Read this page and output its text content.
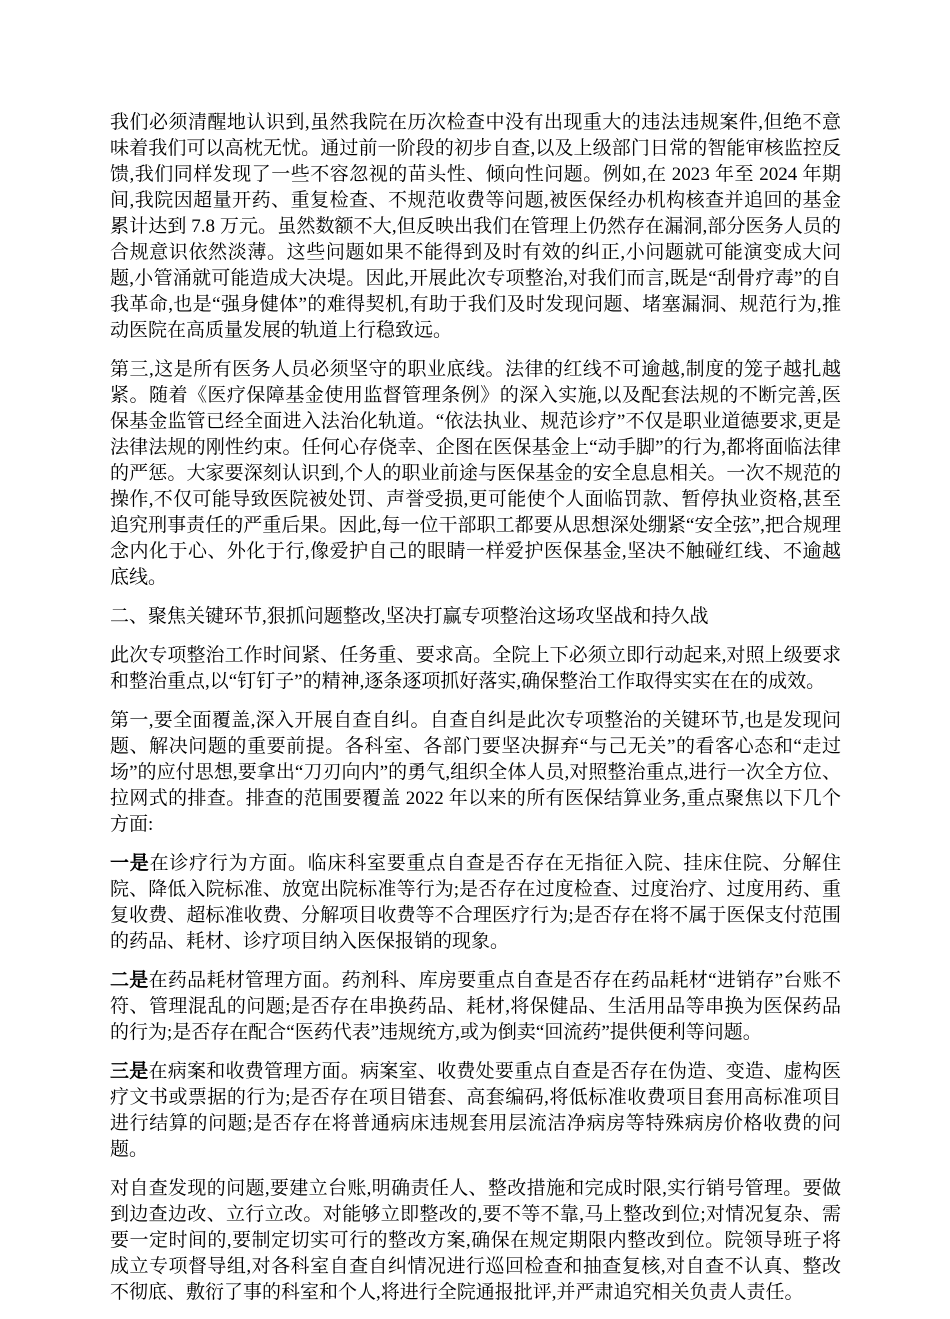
我们必须清醒地认识到,虽然我院在历次检查中没有出现重大的违法违规案件,但绝不意味着我们可以高枕无忧。通过前一阶段的初步自查,以及上级部门日常的智能审核监控反馈,我们同样发现了一些不容忽视的苗头性、倾向性问题。例如,在 2023 年至 2024 年期间,我院因超量开药、重复检查、不规范收费等问题,被医保经办机构核查并追回的基金累计达到 7.8 万元。虽然数额不大,但反映出我们在管理上仍然存在漏洞,部分医务人员的合规意识依然淡薄。这些问题如果不能得到及时有效的纠正,小问题就可能演变成大问题,小管涌就可能造成大决堤。因此,开展此次专项整治,对我们而言,既是“刮骨疗毒”的自我革命,也是“强身健体”的难得契机,有助于我们及时发现问题、堵塞漏洞、规范行为,推动医院在高质量发展的轨道上行稳致远。

第三,这是所有医务人员必须坚守的职业底线。法律的红线不可逾越,制度的笼子越扎越紧。随着《医疗保障基金使用监督管理条例》的深入实施,以及配套法规的不断完善,医保基金监管已经全面进入法治化轨道。“依法执业、规范诊疗”不仅是职业道德要求,更是法律法规的刚性约束。任何心存侥幸、企图在医保基金上“动手脚”的行为,都将面临法律的严惩。大家要深刻认识到,个人的职业前途与医保基金的安全息息相关。一次不规范的操作,不仅可能导致医院被处罚、声誉受损,更可能使个人面临罚款、暂停执业资格,甚至追究刑事责任的严重后果。因此,每一位干部职工都要从思想深处绷紧“安全弦”,把合规理念内化于心、外化于行,像爱护自己的眼睛一样爱护医保基金,坚决不触碰红线、不逾越底线。

二、聚焦关键环节,狠抓问题整改,坚决打赢专项整治这场攻坚战和持久战

此次专项整治工作时间紧、任务重、要求高。全院上下必须立即行动起来,对照上级要求和整治重点,以“钉钉子”的精神,逐条逐项抓好落实,确保整治工作取得实实在在的成效。

第一,要全面覆盖,深入开展自查自纠。自查自纠是此次专项整治的关键环节,也是发现问题、解决问题的重要前提。各科室、各部门要坚决摒弃“与己无关”的看客心态和“走过场”的应付思想,要拿出“刀刃向内”的勇气,组织全体人员,对照整治重点,进行一次全方位、拉网式的排查。排查的范围要覆盖 2022 年以来的所有医保结算业务,重点聚焦以下几个方面:

一是在诊疗行为方面。临床科室要重点自查是否存在无指征入院、挂床住院、分解住院、降低入院标准、放宽出院标准等行为;是否存在过度检查、过度治疗、过度用药、重复收费、超标准收费、分解项目收费等不合理医疗行为;是否存在将不属于医保支付范围的药品、耗材、诊疗项目纳入医保报销的现象。

二是在药品耗材管理方面。药剂科、库房要重点自查是否存在药品耗材“进销存”台账不符、管理混乱的问题;是否存在串换药品、耗材,将保健品、生活用品等串换为医保药品的行为;是否存在配合“医药代表”违规统方,或为倒卖“回流药”提供便利等问题。

三是在病案和收费管理方面。病案室、收费处要重点自查是否存在伪造、变造、虚构医疗文书或票据的行为;是否存在项目错套、高套编码,将低标准收费项目套用高标准项目进行结算的问题;是否存在将普通病床违规套用层流洁净病房等特殊病房价格收费的问题。

对自查发现的问题,要建立台账,明确责任人、整改措施和完成时限,实行销号管理。要做到边查边改、立行立改。对能够立即整改的,要不等不靠,马上整改到位;对情况复杂、需要一定时间的,要制定切实可行的整改方案,确保在规定期限内整改到位。院领导班子将成立专项督导组,对各科室自查自纠情况进行巡回检查和抽查复核,对自查不认真、整改不彻底、敷衍了事的科室和个人,将进行全院通报批评,并严肃追究相关负责人责任。
